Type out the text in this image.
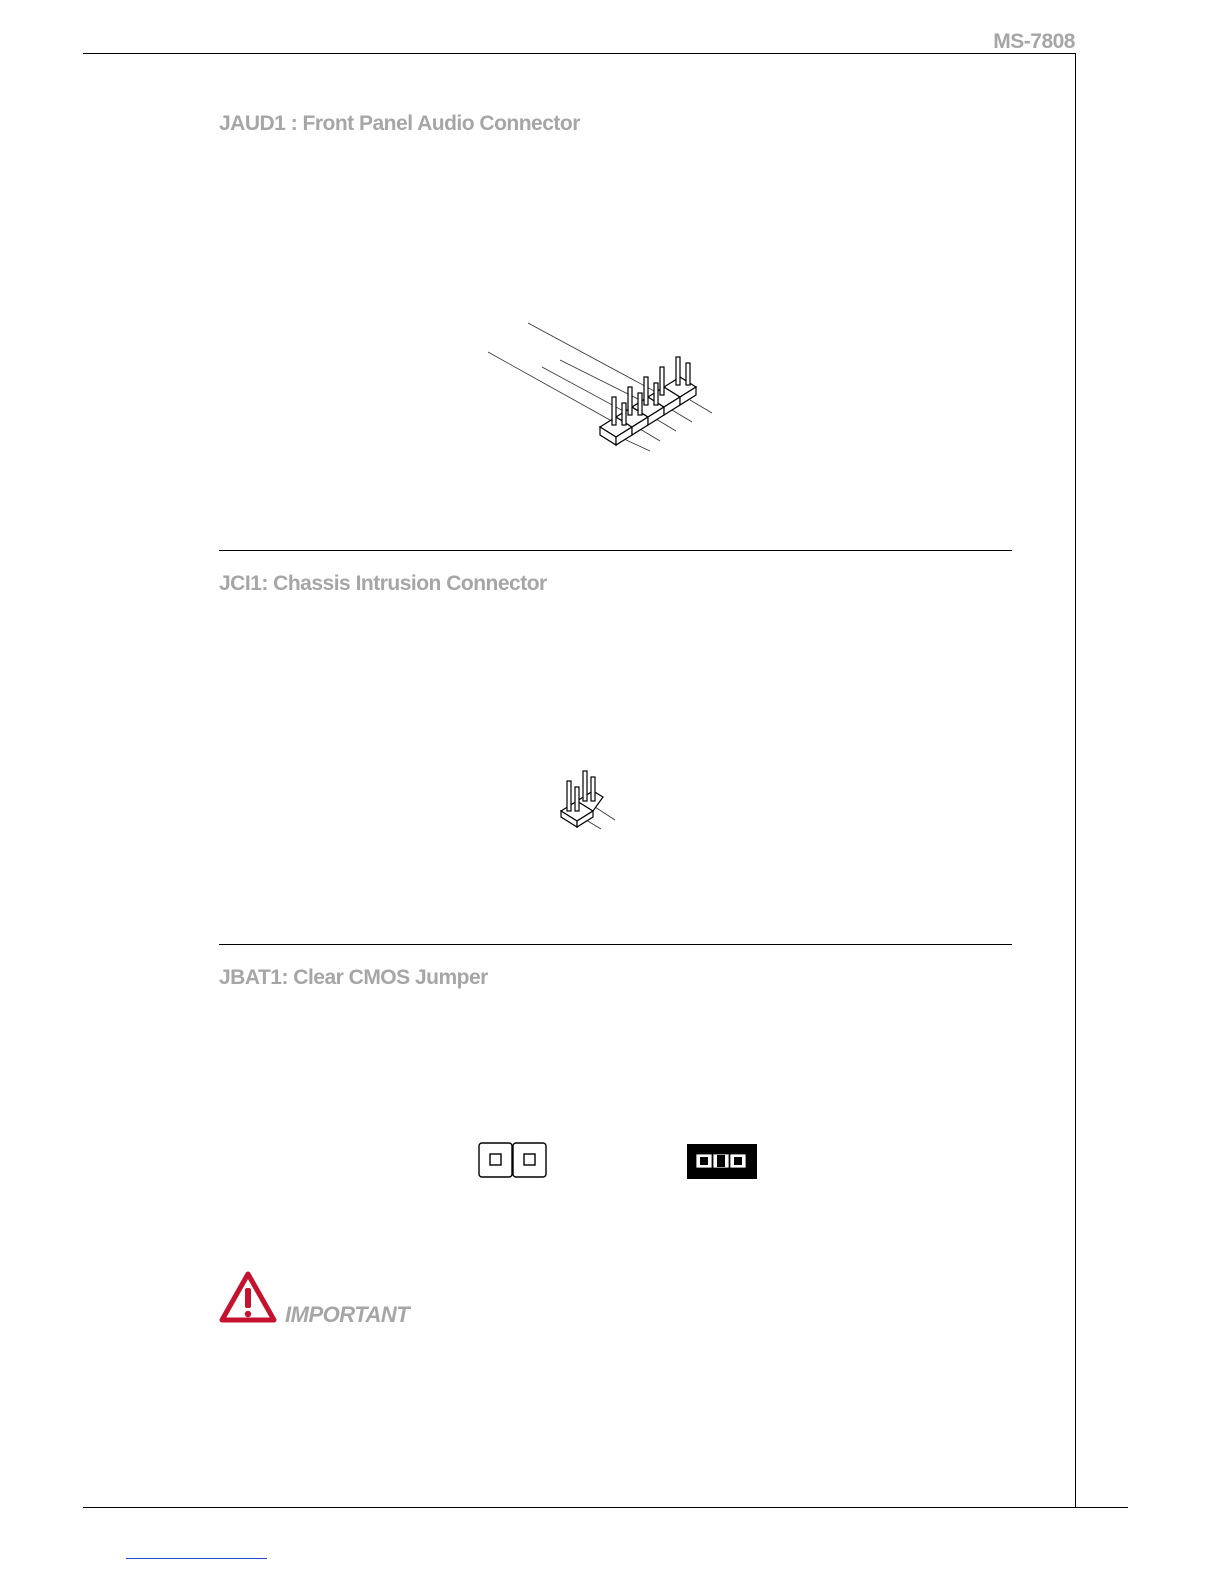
MS-7808
JAUD1 : Front Panel Audio Connector
JCI1: Chassis Intrusion Connector
JBAT1: Clear CMOS Jumper
IMPORTANT
